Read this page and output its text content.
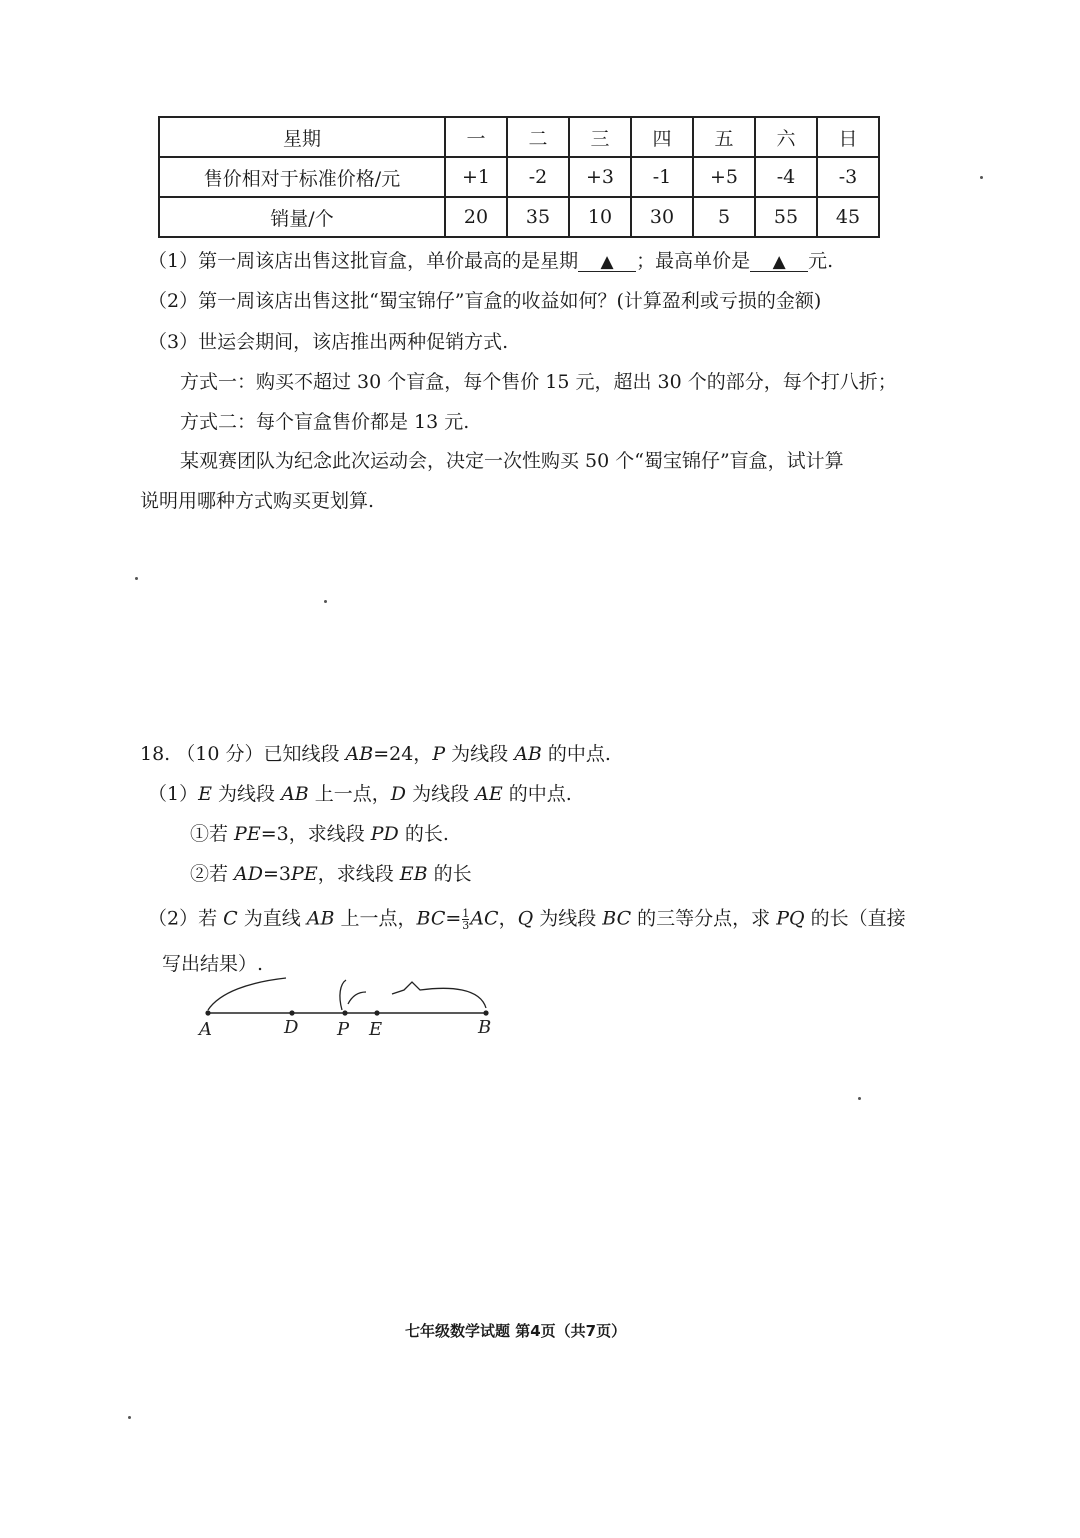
星期	一	二	三	四	五	六	日
售价相对于标准价格/元	+1	-2	+3	-1	+5	-4	-3
销量/个	20	35	10	30	5	55	45
（1）第一周该店出售这批盲盒，单价最高的是星期 ▲ ；最高单价是 ▲ 元.
（2）第一周该店出售这批“蜀宝锦仔”盲盒的收益如何？(计算盈利或亏损的金额)
（3）世运会期间，该店推出两种促销方式.
方式一：购买不超过 30 个盲盒，每个售价 15 元，超出 30 个的部分，每个打八折；
方式二：每个盲盒售价都是 13 元.
某观赛团队为纪念此次运动会，决定一次性购买 50 个“蜀宝锦仔”盲盒，试计算
说明用哪种方式购买更划算.
18. （10 分）已知线段 AB=24，P 为线段 AB 的中点.
（1）E 为线段 AB 上一点，D 为线段 AE 的中点.
①若 PE=3，求线段 PD 的长.
②若 AD=3PE，求线段 EB 的长
（2）若 C 为直线 AB 上一点，$BC= \frac{1}{3}$ AC，Q 为线段 BC 的三等分点，求 PQ 的长（直接
写出结果）.
A	D P E	B
七年级数学试题 第4页（共7页）
